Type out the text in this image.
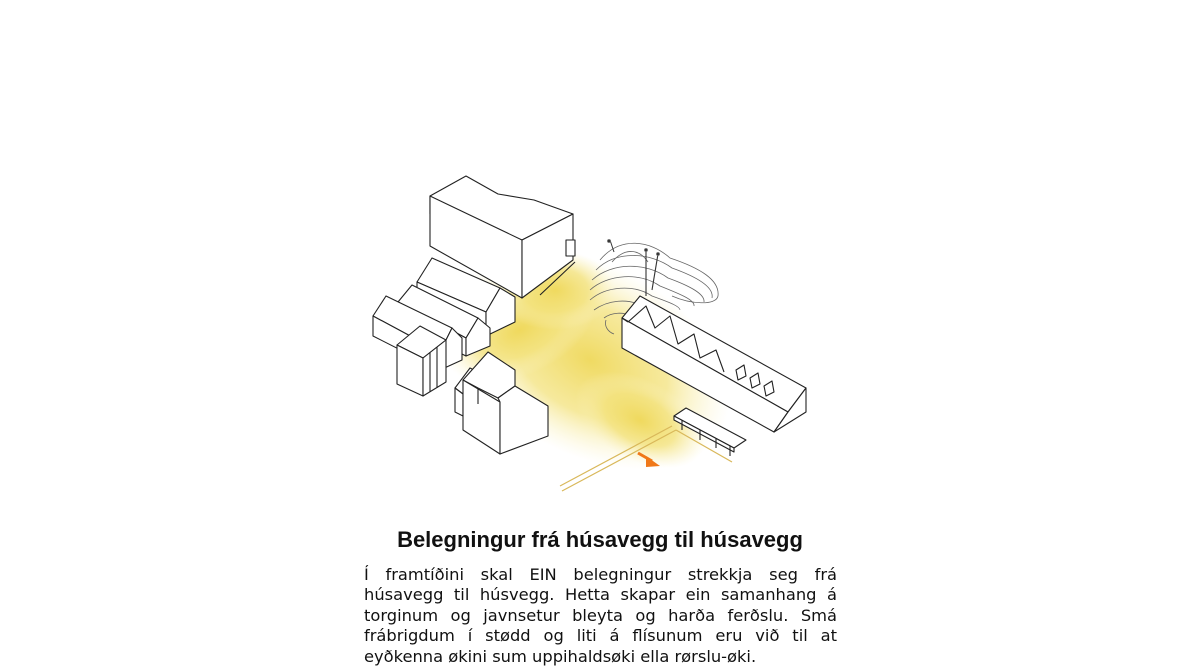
Belegningur frá húsavegg til húsavegg

Í framtíðini skal EIN belegningur strekkja seg frá húsavegg til húsvegg. Hetta skapar ein samanhang á torginum og javnsetur bleyta og harða ferðslu. Smá frábrigdum í stødd og liti á flísunum eru við til at eyðkenna økini sum uppihaldsøki ella rørslu-øki.
